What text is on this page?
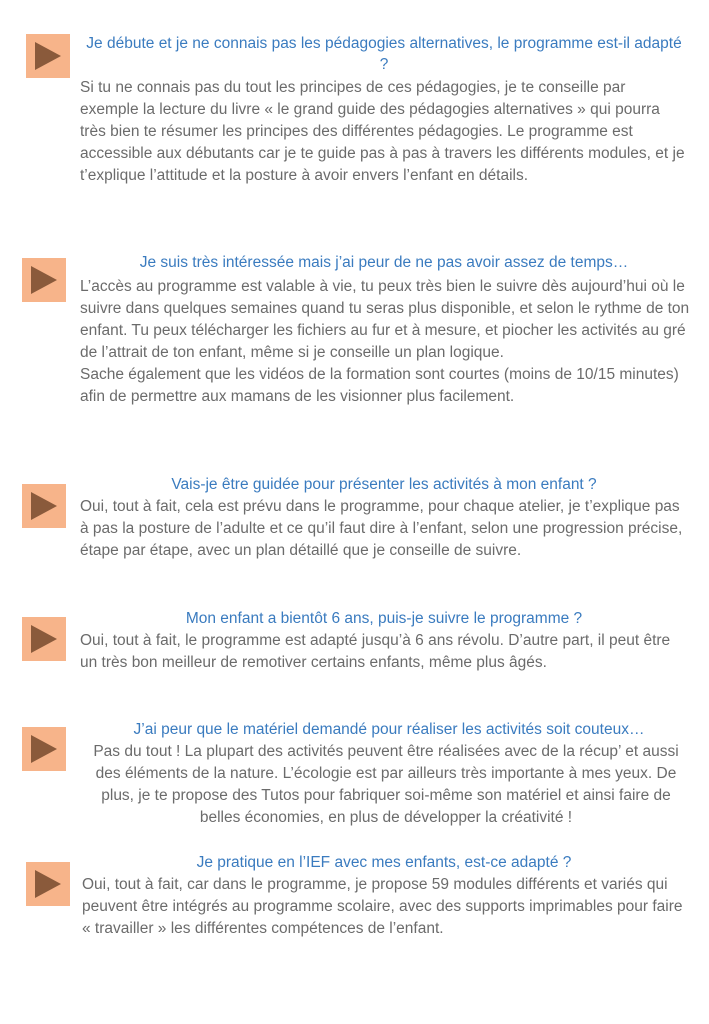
Je débute et je ne connais pas les pédagogies alternatives, le programme est-il adapté ?

Si tu ne connais pas du tout les principes de ces pédagogies, je te conseille par exemple la lecture du livre « le grand guide des pédagogies alternatives » qui pourra très bien te résumer les principes des différentes pédagogies. Le programme est accessible aux débutants car je te guide pas à pas à travers les différents modules, et je t’explique l’attitude et la posture à avoir envers l’enfant en détails.

Je suis très intéressée mais j’ai peur de ne pas avoir assez de temps…

L’accès au programme est valable à vie, tu peux très bien le suivre dès aujourd’hui où le suivre dans quelques semaines quand tu seras plus disponible, et selon le rythme de ton enfant. Tu peux télécharger les fichiers au fur et à mesure, et piocher les activités au gré de l’attrait de ton enfant, même si je conseille un plan logique.
Sache également que les vidéos de la formation sont courtes (moins de 10/15 minutes) afin de permettre aux mamans de les visionner plus facilement.

Vais-je être guidée pour présenter les activités à mon enfant ?

Oui, tout à fait, cela est prévu dans le programme, pour chaque atelier, je t’explique pas à pas la posture de l’adulte et ce qu’il faut dire à l’enfant, selon une progression précise, étape par étape, avec un plan détaillé que je conseille de suivre.

Mon enfant a bientôt 6 ans, puis-je suivre le programme ?

Oui, tout à fait, le programme est adapté jusqu’à 6 ans révolu. D’autre part, il peut être un très bon meilleur de remotiver certains enfants, même plus âgés.

J’ai peur que le matériel demandé pour réaliser les activités soit couteux…

Pas du tout ! La plupart des activités peuvent être réalisées avec de la récup’ et aussi des éléments de la nature. L’écologie est par ailleurs très importante à mes yeux. De plus, je te propose des Tutos pour fabriquer soi-même son matériel et ainsi faire de belles économies, en plus de développer la créativité !

Je pratique en l’IEF avec mes enfants, est-ce adapté ?

Oui, tout à fait, car dans le programme, je propose 59 modules différents et variés qui peuvent être intégrés au programme scolaire, avec des supports imprimables pour faire « travailler » les différentes compétences de l’enfant.
